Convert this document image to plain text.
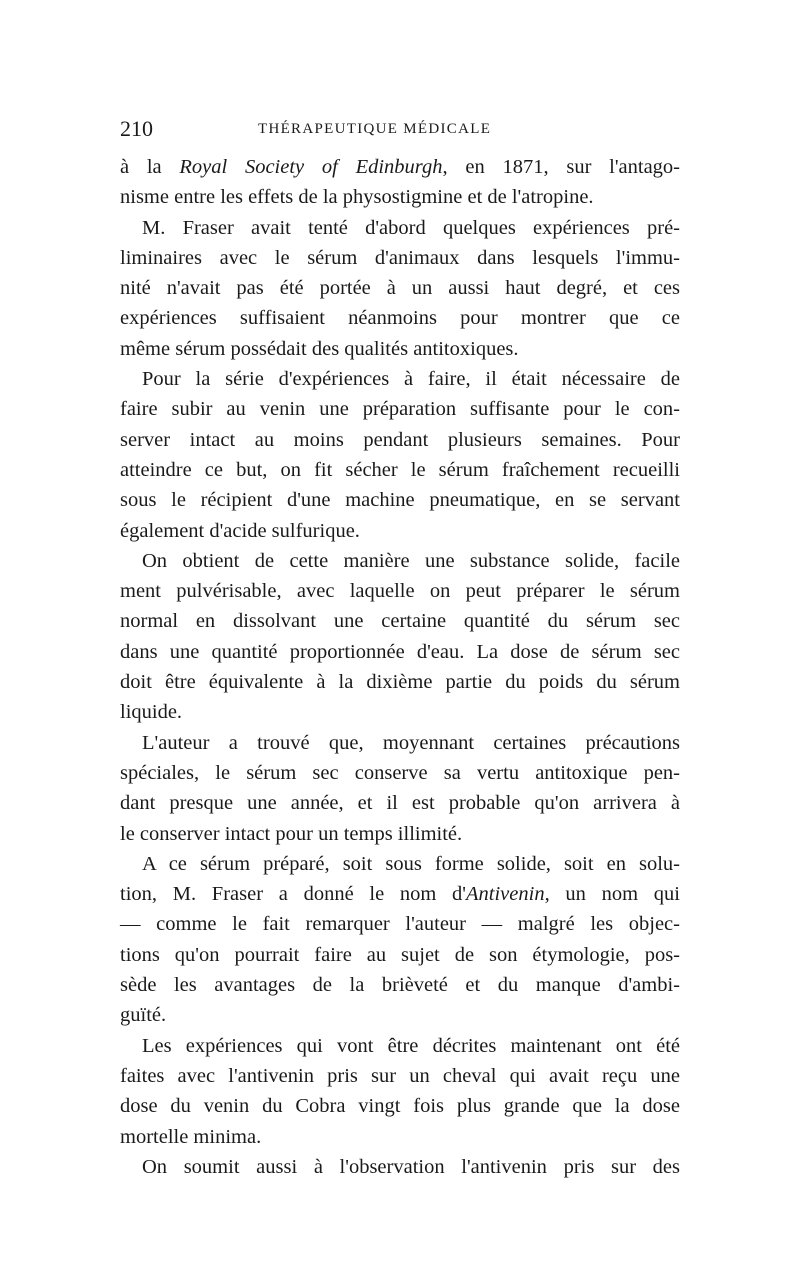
210	THÉRAPEUTIQUE MÉDICALE
à la Royal Society of Edinburgh, en 1871, sur l'antago-
nisme entre les effets de la physostigmine et de l'atropine.
M. Fraser avait tenté d'abord quelques expériences pré-
liminaires avec le sérum d'animaux dans lesquels l'immu-
nité n'avait pas été portée à un aussi haut degré, et ces
expériences suffisaient néanmoins pour montrer que ce
même sérum possédait des qualités antitoxiques.
Pour la série d'expériences à faire, il était nécessaire de
faire subir au venin une préparation suffisante pour le con-
server intact au moins pendant plusieurs semaines. Pour
atteindre ce but, on fit sécher le sérum fraîchement recueilli
sous le récipient d'une machine pneumatique, en se servant
également d'acide sulfurique.
On obtient de cette manière une substance solide, facile
ment pulvérisable, avec laquelle on peut préparer le sérum
normal en dissolvant une certaine quantité du sérum sec
dans une quantité proportionnée d'eau. La dose de sérum sec
doit être équivalente à la dixième partie du poids du sérum
liquide.
L'auteur a trouvé que, moyennant certaines précautions
spéciales, le sérum sec conserve sa vertu antitoxique pen-
dant presque une année, et il est probable qu'on arrivera à
le conserver intact pour un temps illimité.
A ce sérum préparé, soit sous forme solide, soit en solu-
tion, M. Fraser a donné le nom d'Antivenin, un nom qui
— comme le fait remarquer l'auteur — malgré les objec-
tions qu'on pourrait faire au sujet de son étymologie, pos-
sède les avantages de la brièveté et du manque d'ambi-
guïté.
Les expériences qui vont être décrites maintenant ont été
faites avec l'antivenin pris sur un cheval qui avait reçu une
dose du venin du Cobra vingt fois plus grande que la dose
mortelle minima.
On soumit aussi à l'observation l'antivenin pris sur des
